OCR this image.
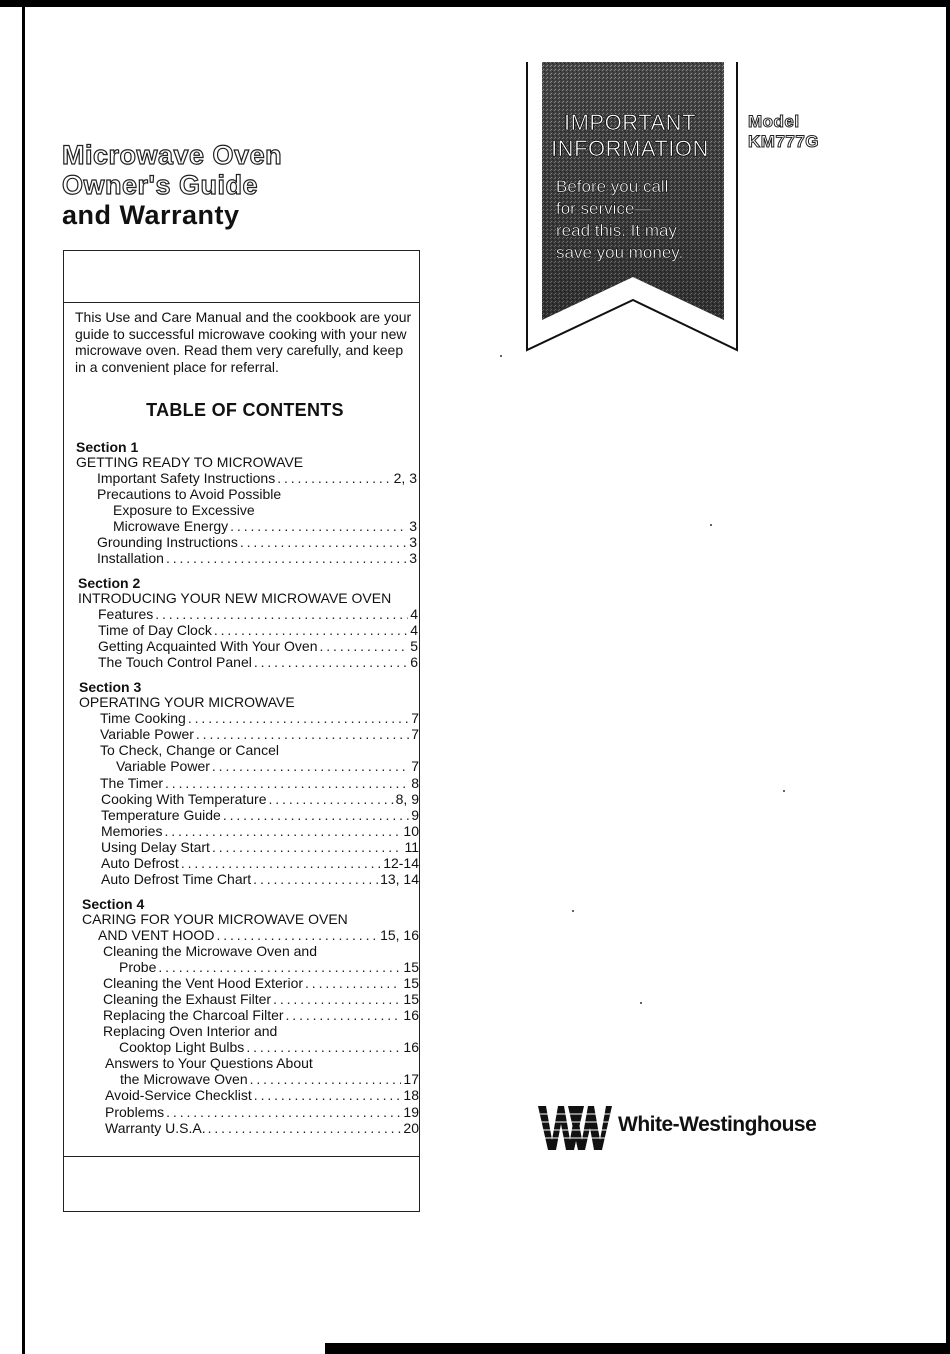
Microwave Oven
Owner's Guide
and Warranty
This Use and Care Manual and the cookbook are your guide to successful microwave cooking with your new microwave oven. Read them very carefully, and keep in a convenient place for referral.
TABLE OF CONTENTS
Section 1
GETTING READY TO MICROWAVE
Important Safety Instructions . . .	2, 3
Precautions to Avoid Possible
Exposure to Excessive
Microwave Energy . . .	3
Grounding Instructions . . .	3
Installation . . .	3
Section 2
INTRODUCING YOUR NEW MICROWAVE OVEN
Features . . .	4
Time of Day Clock . . .	4
Getting Acquainted With Your Oven . . .	5
The Touch Control Panel . . .	6
Section 3
OPERATING YOUR MICROWAVE
Time Cooking . . .	7
Variable Power . . .	7
To Check, Change or Cancel
Variable Power . . .	7
The Timer . . .	8
Cooking With Temperature . . .	8, 9
Temperature Guide . . .	9
Memories . . .	10
Using Delay Start . . .	11
Auto Defrost . . .	12-14
Auto Defrost Time Chart . . .	13, 14
Section 4
CARING FOR YOUR MICROWAVE OVEN
AND VENT HOOD . . .	15, 16
Cleaning the Microwave Oven and
Probe . . .	15
Cleaning the Vent Hood Exterior . . .	15
Cleaning the Exhaust Filter . . .	15
Replacing the Charcoal Filter . . .	16
Replacing Oven Interior and
Cooktop Light Bulbs . . .	16
Answers to Your Questions About
the Microwave Oven . . .	17
Avoid-Service Checklist . . .	18
Problems . . .	19
Warranty U.S.A. . . .	20
IMPORTANT
INFORMATION
Before you call
for service—
read this. It may
save you money.
Model
KM777G
White-Westinghouse
